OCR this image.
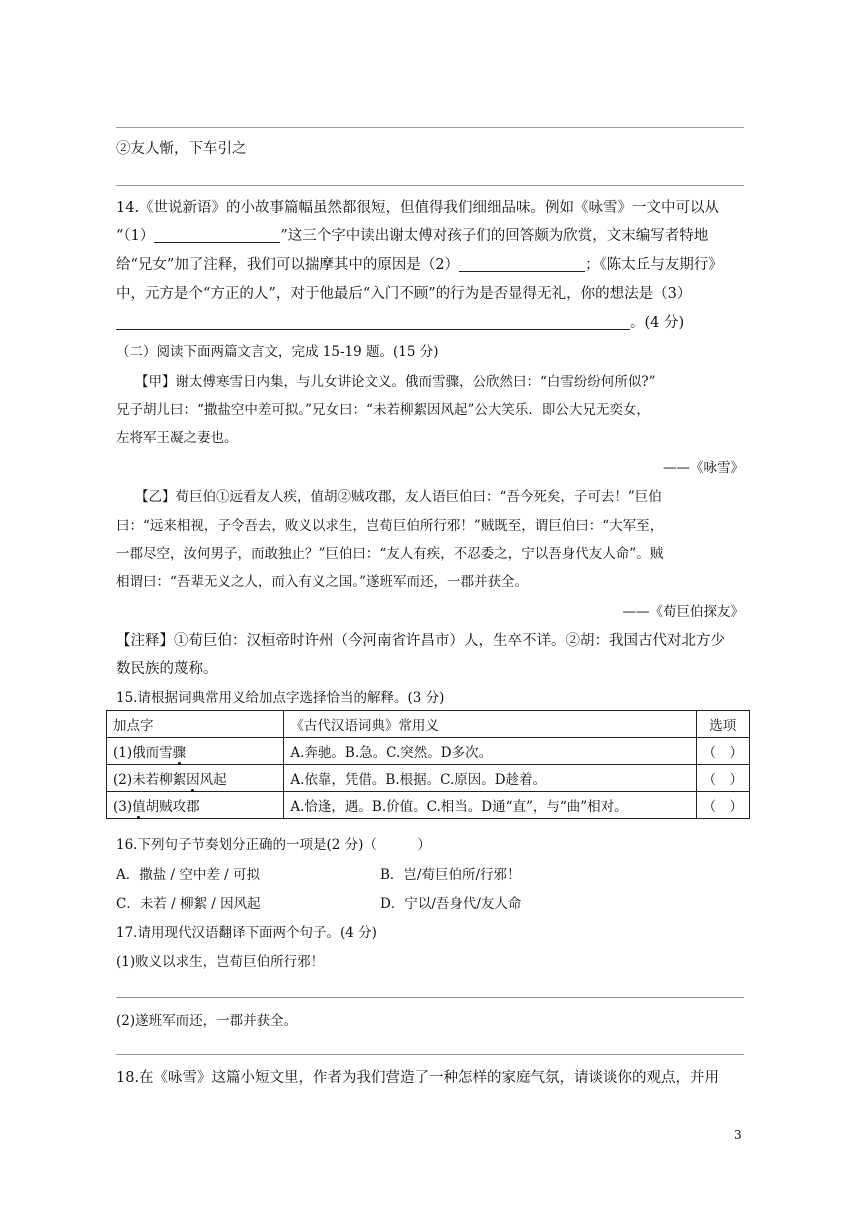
②友人惭，下车引之
14.《世说新语》的小故事篇幅虽然都很短，但值得我们细细品味。例如《咏雪》一文中可以从
“（1）	”这三个字中读出谢太傅对孩子们的回答颇为欣赏，文末编写者特地
给“兄女”加了注释，我们可以揣摩其中的原因是（2）	；《陈太丘与友期行》
中，元方是个“方正的人”，对于他最后“入门不顾”的行为是否显得无礼，你的想法是（3）
。(4 分)
（二）阅读下面两篇文言文，完成 15-19 题。(15 分)
【甲】谢太傅寒雪日内集，与儿女讲论文义。俄而雪骤，公欣然曰：“白雪纷纷何所似?”
兄子胡儿曰：“撒盐空中差可拟。”兄女曰：“未若柳絮因风起”公大笑乐．即公大兄无奕女，
左将军王凝之妻也。
——《咏雪》
【乙】荀巨伯①远看友人疾，值胡②贼攻郡，友人语巨伯曰：“吾今死矣，子可去！”巨伯
曰：“远来相视，子令吾去，败义以求生，岂荀巨伯所行邪！”贼既至，谓巨伯曰：“大军至，
一郡尽空，汝何男子，而敢独止？”巨伯曰：“友人有疾，不忍委之，宁以吾身代友人命”。贼
相谓曰：“吾辈无义之人，而入有义之国。”遂班军而还，一郡并获全。
——《荀巨伯探友》
【注释】①荀巨伯：汉桓帝时许州（今河南省许昌市）人，生卒不详。②胡：我国古代对北方少
数民族的蔑称。
15.请根据词典常用义给加点字选择恰当的解释。(3 分)
加点字	《古代汉语词典》常用义	选项
(1)俄而雪骤	A.奔驰。B.急。C.突然。D多次。	（　）
(2)未若柳絮因风起	A.依靠，凭借。B.根据。C.原因。D趁着。	（　）
(3)值胡贼攻郡	A.恰逢，遇。B.价值。C.相当。D通“直”，与“曲”相对。	（　）
16.下列句子节奏划分正确的一项是(2 分)（　　　）
A．撒盐 / 空中差 / 可拟	B．岂/荀巨伯所/行邪！
C．未若 / 柳絮 / 因风起	D．宁以/吾身代/友人命
17.请用现代汉语翻译下面两个句子。(4 分)
(1)败义以求生，岂荀巨伯所行邪！
(2)遂班军而还，一郡并获全。
18.在《咏雪》这篇小短文里，作者为我们营造了一种怎样的家庭气氛，请谈谈你的观点，并用
3
